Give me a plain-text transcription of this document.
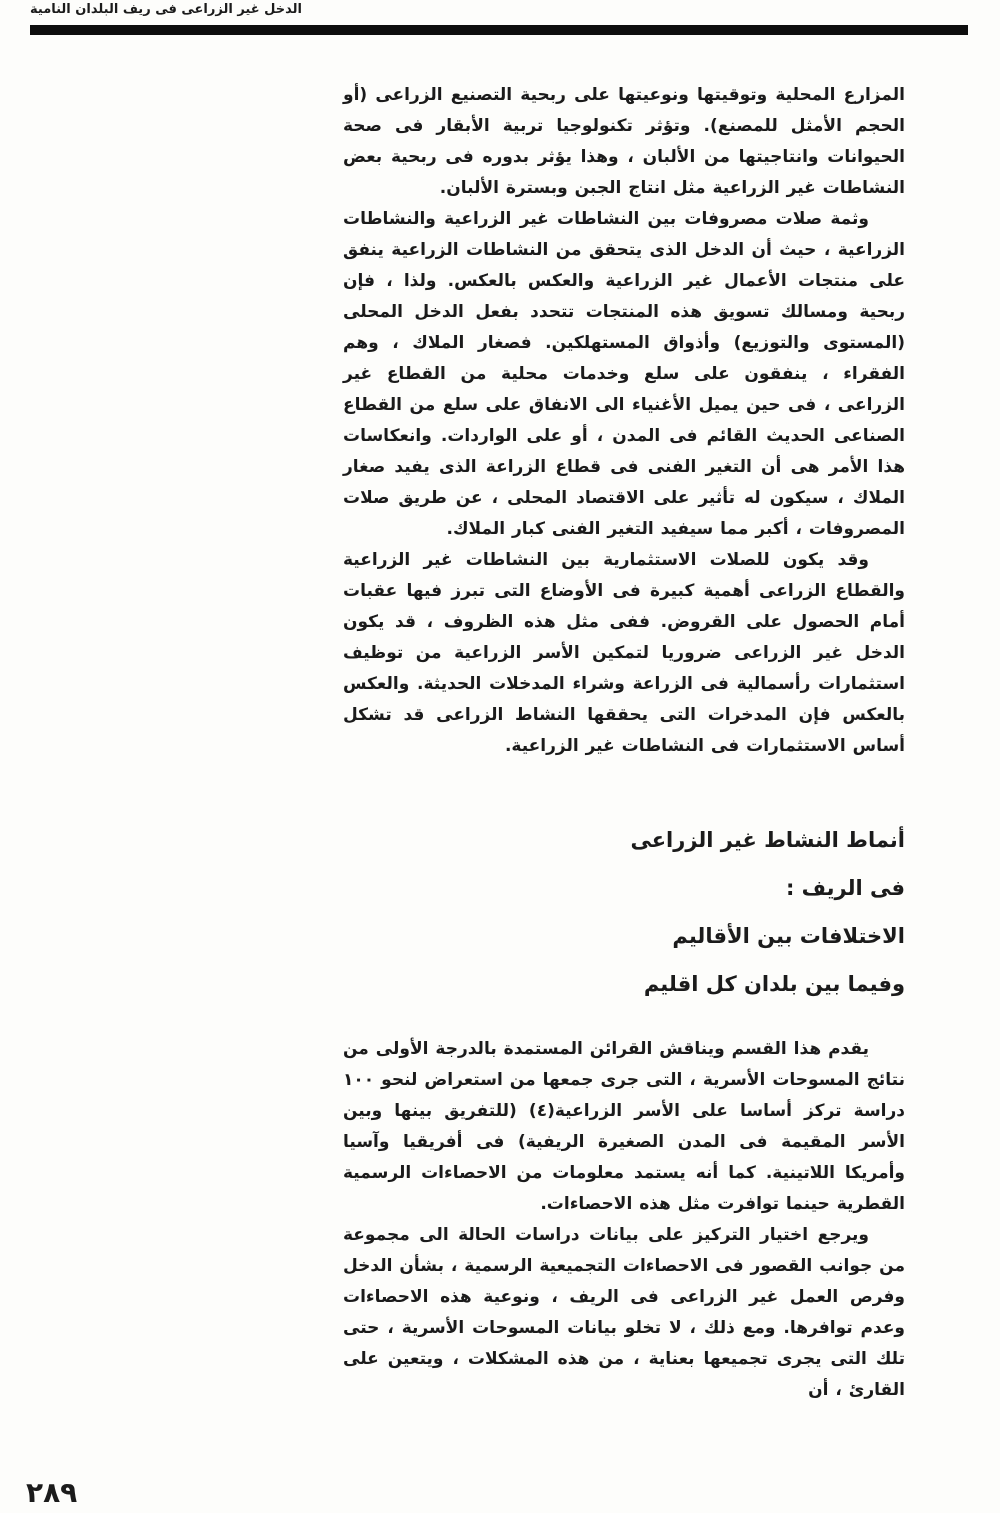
الدخل غير الزراعى فى ريف البلدان النامية

المزارع المحلية وتوقيتها ونوعيتها على ربحية التصنيع الزراعى (أو الحجم الأمثل للمصنع). وتؤثر تكنولوجيا تربية الأبقار فى صحة الحيوانات وانتاجيتها من الألبان ، وهذا يؤثر بدوره فى ربحية بعض النشاطات غير الزراعية مثل انتاج الجبن وبسترة الألبان.

وثمة صلات مصروفات بين النشاطات غير الزراعية والنشاطات الزراعية ، حيث أن الدخل الذى يتحقق من النشاطات الزراعية ينفق على منتجات الأعمال غير الزراعية والعكس بالعكس. ولذا ، فإن ربحية ومسالك تسويق هذه المنتجات تتحدد بفعل الدخل المحلى (المستوى والتوزيع) وأذواق المستهلكين. فصغار الملاك ، وهم الفقراء ، ينفقون على سلع وخدمات محلية من القطاع غير الزراعى ، فى حين يميل الأغنياء الى الانفاق على سلع من القطاع الصناعى الحديث القائم فى المدن ، أو على الواردات. وانعكاسات هذا الأمر هى أن التغير الفنى فى قطاع الزراعة الذى يفيد صغار الملاك ، سيكون له تأثير على الاقتصاد المحلى ، عن طريق صلات المصروفات ، أكبر مما سيفيد التغير الفنى كبار الملاك.

وقد يكون للصلات الاستثمارية بين النشاطات غير الزراعية والقطاع الزراعى أهمية كبيرة فى الأوضاع التى تبرز فيها عقبات أمام الحصول على القروض. ففى مثل هذه الظروف ، قد يكون الدخل غير الزراعى ضروريا لتمكين الأسر الزراعية من توظيف استثمارات رأسمالية فى الزراعة وشراء المدخلات الحديثة. والعكس بالعكس فإن المدخرات التى يحققها النشاط الزراعى قد تشكل أساس الاستثمارات فى النشاطات غير الزراعية.

أنماط النشاط غير الزراعى فى الريف :
الاختلافات بين الأقاليم
وفيما بين بلدان كل اقليم

يقدم هذا القسم ويناقش القرائن المستمدة بالدرجة الأولى من نتائج المسوحات الأسرية ، التى جرى جمعها من استعراض لنحو ١٠٠ دراسة تركز أساسا على الأسر الزراعية(٤) (للتفريق بينها وبين الأسر المقيمة فى المدن الصغيرة الريفية) فى أفريقيا وآسيا وأمريكا اللاتينية. كما أنه يستمد معلومات من الاحصاءات الرسمية القطرية حينما توافرت مثل هذه الاحصاءات.

ويرجع اختيار التركيز على بيانات دراسات الحالة الى مجموعة من جوانب القصور فى الاحصاءات التجميعية الرسمية ، بشأن الدخل وفرص العمل غير الزراعى فى الريف ، ونوعية هذه الاحصاءات وعدم توافرها. ومع ذلك ، لا تخلو بيانات المسوحات الأسرية ، حتى تلك التى يجرى تجميعها بعناية ، من هذه المشكلات ، ويتعين على القارئ ، أن

٢٨٩
